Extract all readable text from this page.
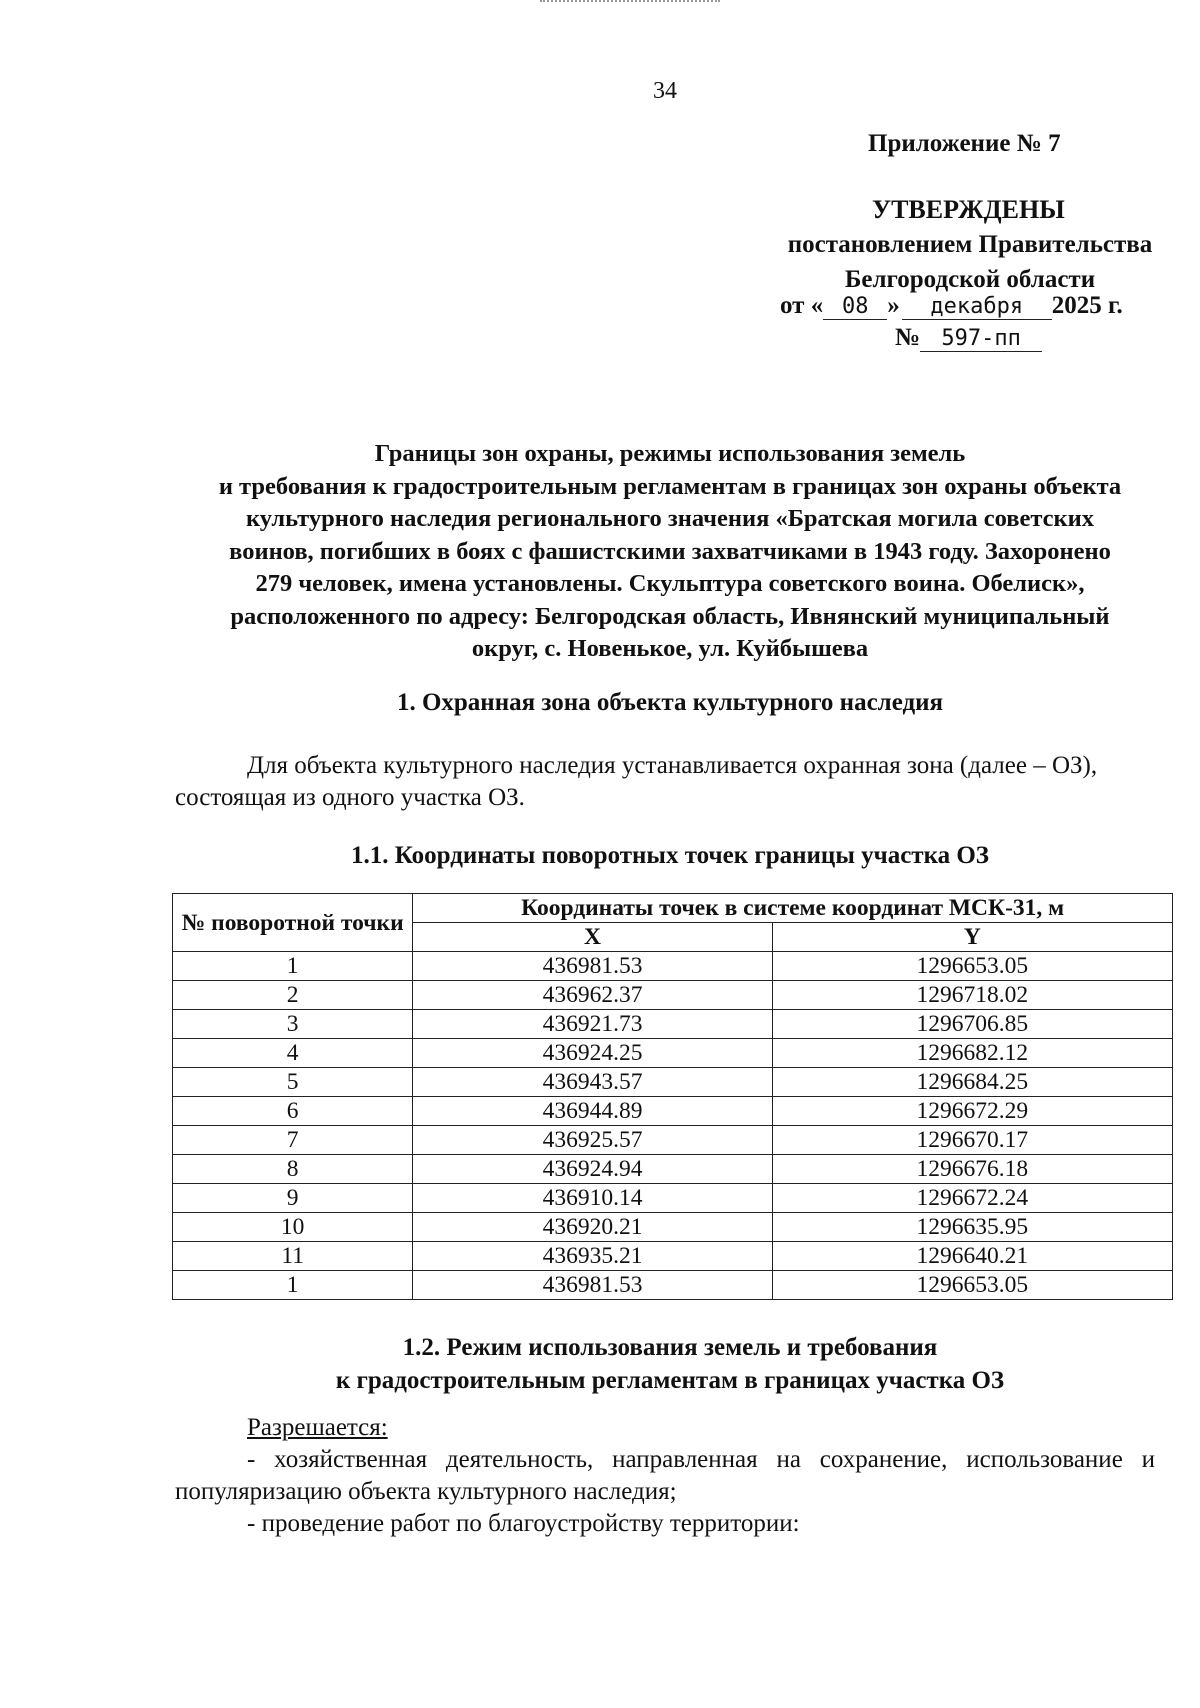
34
Приложение № 7
УТВЕРЖДЕНЫ
постановлением Правительства
Белгородской области
от « 08 » декабря 2025 г.
№ 597-пп
Границы зон охраны, режимы использования земель
и требования к градостроительным регламентам в границах зон охраны объекта
культурного наследия регионального значения «Братская могила советских
воинов, погибших в боях с фашистскими захватчиками в 1943 году. Захоронено
279 человек, имена установлены. Скульптура советского воина. Обелиск»,
расположенного по адресу: Белгородская область, Ивнянский муниципальный
округ, с. Новенькое, ул. Куйбышева
1. Охранная зона объекта культурного наследия
Для объекта культурного наследия устанавливается охранная зона (далее – ОЗ), состоящая из одного участка ОЗ.
1.1. Координаты поворотных точек границы участка ОЗ
№ поворотной точки	Координаты точек в системе координат МСК-31, м	
	X	Y
1	436981.53	1296653.05
2	436962.37	1296718.02
3	436921.73	1296706.85
4	436924.25	1296682.12
5	436943.57	1296684.25
6	436944.89	1296672.29
7	436925.57	1296670.17
8	436924.94	1296676.18
9	436910.14	1296672.24
10	436920.21	1296635.95
11	436935.21	1296640.21
1	436981.53	1296653.05
1.2. Режим использования земель и требования
к градостроительным регламентам в границах участка ОЗ
Разрешается:
- хозяйственная деятельность, направленная на сохранение, использование и популяризацию объекта культурного наследия;
- проведение работ по благоустройству территории:
